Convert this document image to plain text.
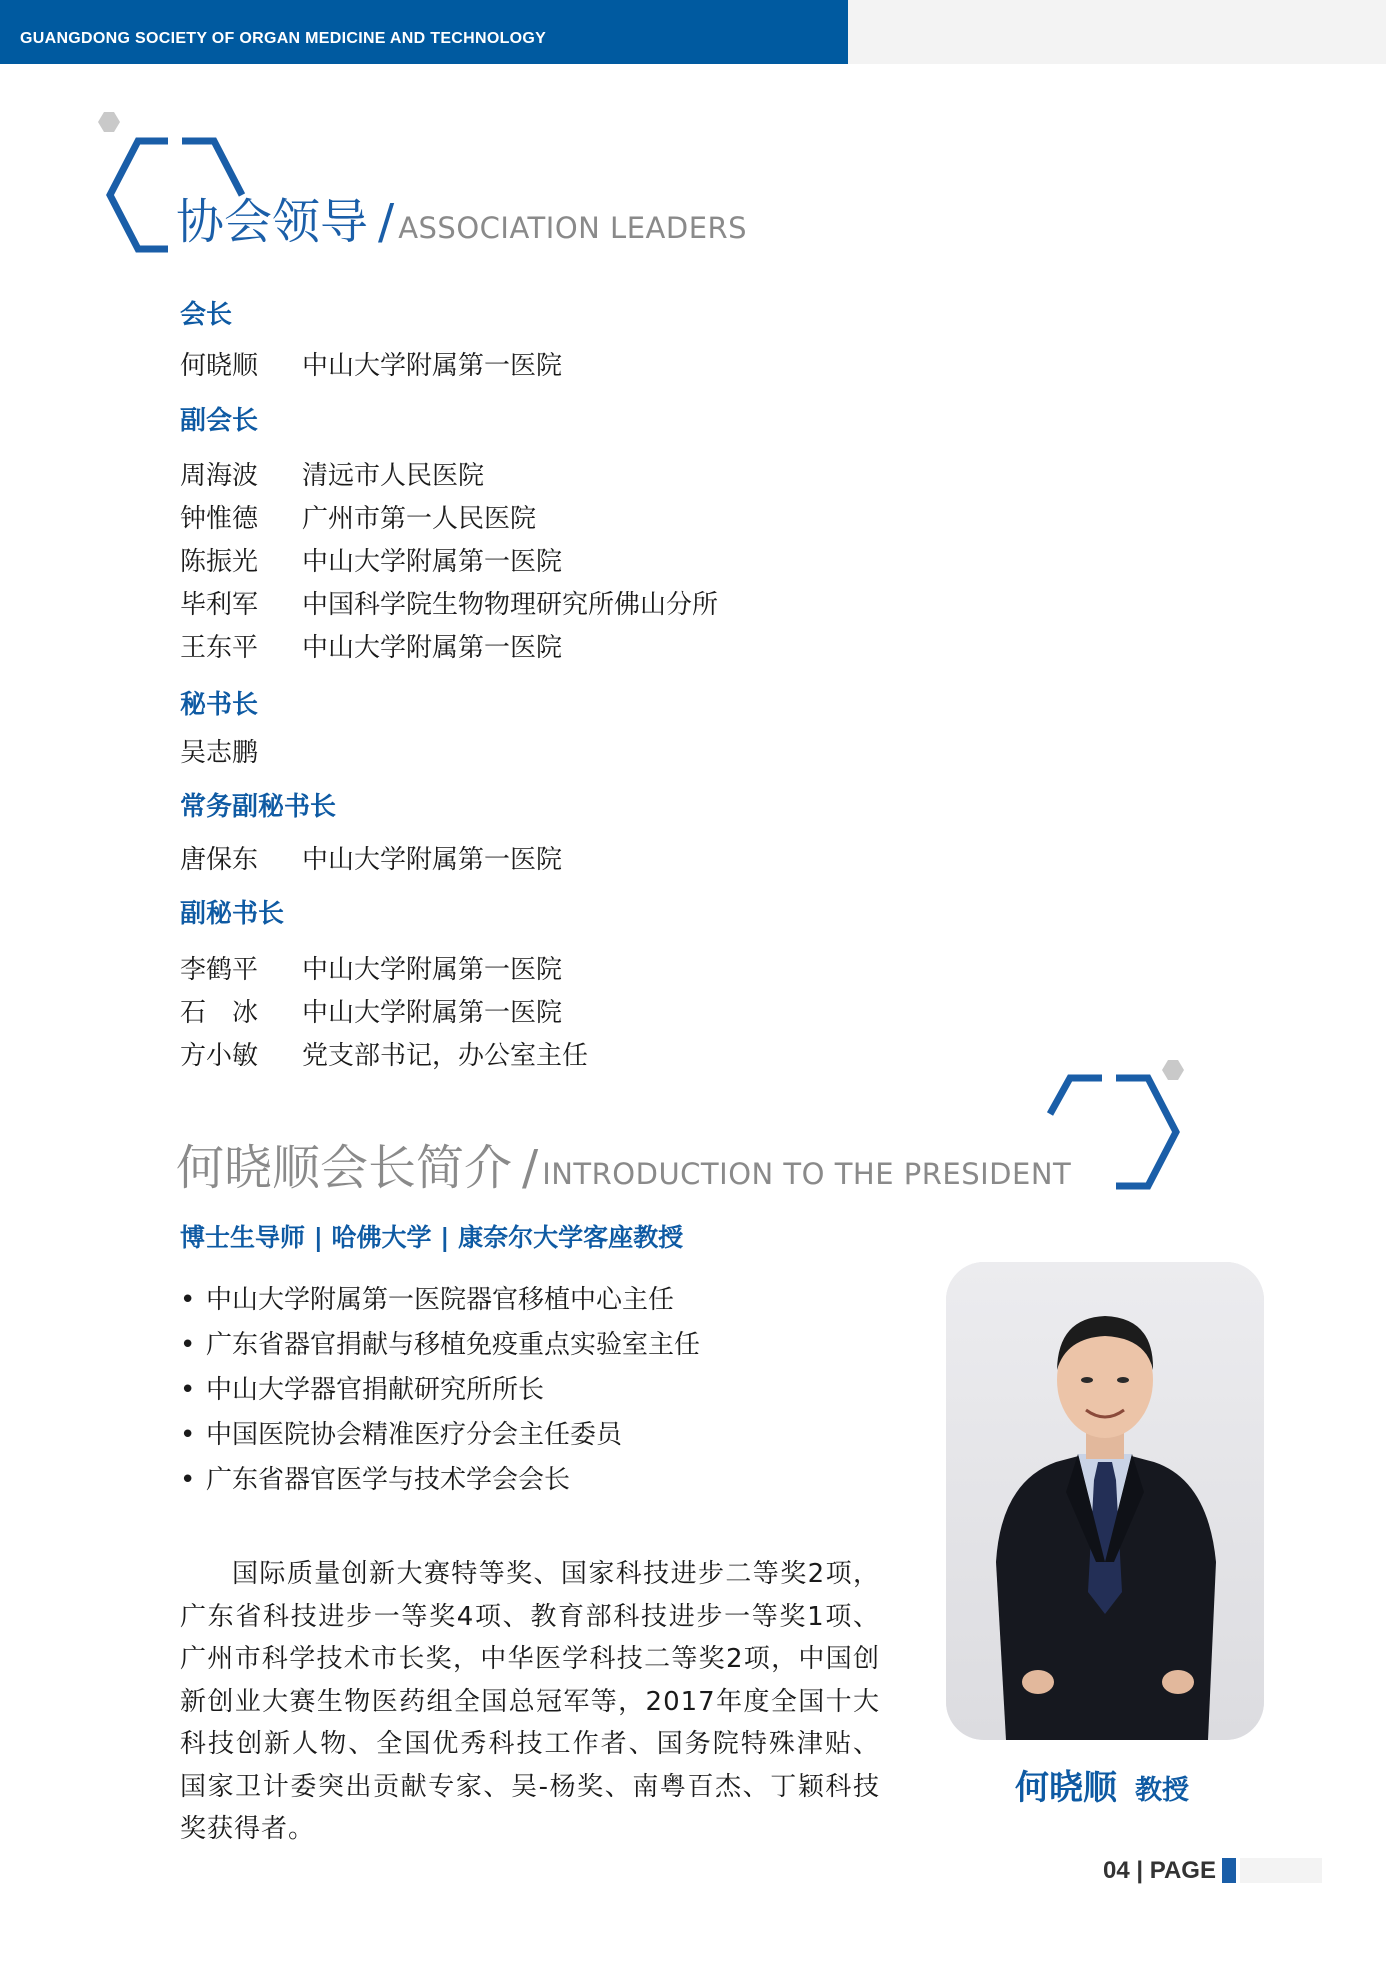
GUANGDONG SOCIETY OF ORGAN MEDICINE AND TECHNOLOGY
协会领导 / ASSOCIATION LEADERS
会长
何晓顺 中山大学附属第一医院
副会长
周海波 清远市人民医院
钟惟德 广州市第一人民医院
陈振光 中山大学附属第一医院
毕利军 中国科学院生物物理研究所佛山分所
王东平 中山大学附属第一医院
秘书长
吴志鹏
常务副秘书长
唐保东 中山大学附属第一医院
副秘书长
李鹤平 中山大学附属第一医院
石　冰 中山大学附属第一医院
方小敏 党支部书记，办公室主任
何晓顺会长简介 / INTRODUCTION TO THE PRESIDENT
博士生导师 | 哈佛大学 | 康奈尔大学客座教授
• 中山大学附属第一医院器官移植中心主任
• 广东省器官捐献与移植免疫重点实验室主任
• 中山大学器官捐献研究所所长
• 中国医院协会精准医疗分会主任委员
• 广东省器官医学与技术学会会长
国际质量创新大赛特等奖、国家科技进步二等奖2项，广东省科技进步一等奖4项、教育部科技进步一等奖1项、广州市科学技术市长奖，中华医学科技二等奖2项，中国创新创业大赛生物医药组全国总冠军等，2017年度全国十大科技创新人物、全国优秀科技工作者、国务院特殊津贴、国家卫计委突出贡献专家、吴-杨奖、南粤百杰、丁颖科技奖获得者。
何晓顺 教授
04 | PAGE
